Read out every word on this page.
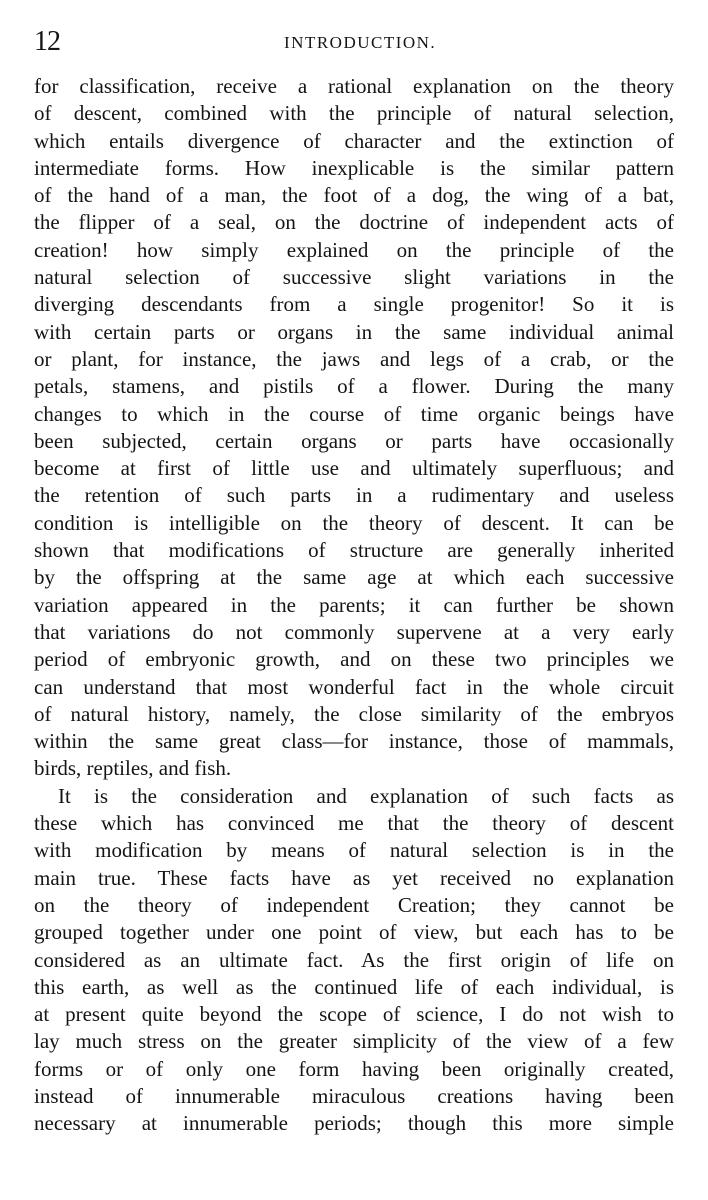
12	INTRODUCTION.
for classification, receive a rational explanation on the theory
of descent, combined with the principle of natural selection,
which entails divergence of character and the extinction of
intermediate forms. How inexplicable is the similar pattern
of the hand of a man, the foot of a dog, the wing of a bat,
the flipper of a seal, on the doctrine of independent acts of
creation! how simply explained on the principle of the
natural selection of successive slight variations in the
diverging descendants from a single progenitor! So it is
with certain parts or organs in the same individual animal
or plant, for instance, the jaws and legs of a crab, or the
petals, stamens, and pistils of a flower. During the many
changes to which in the course of time organic beings have
been subjected, certain organs or parts have occasionally
become at first of little use and ultimately superfluous; and
the retention of such parts in a rudimentary and useless
condition is intelligible on the theory of descent. It can be
shown that modifications of structure are generally inherited
by the offspring at the same age at which each successive
variation appeared in the parents; it can further be shown
that variations do not commonly supervene at a very early
period of embryonic growth, and on these two principles we
can understand that most wonderful fact in the whole circuit
of natural history, namely, the close similarity of the embryos
within the same great class—for instance, those of mammals,
birds, reptiles, and fish.
It is the consideration and explanation of such facts as
these which has convinced me that the theory of descent
with modification by means of natural selection is in the
main true. These facts have as yet received no explanation
on the theory of independent Creation; they cannot be
grouped together under one point of view, but each has to be
considered as an ultimate fact. As the first origin of life on
this earth, as well as the continued life of each individual, is
at present quite beyond the scope of science, I do not wish to
lay much stress on the greater simplicity of the view of a few
forms or of only one form having been originally created,
instead of innumerable miraculous creations having been
necessary at innumerable periods; though this more simple
